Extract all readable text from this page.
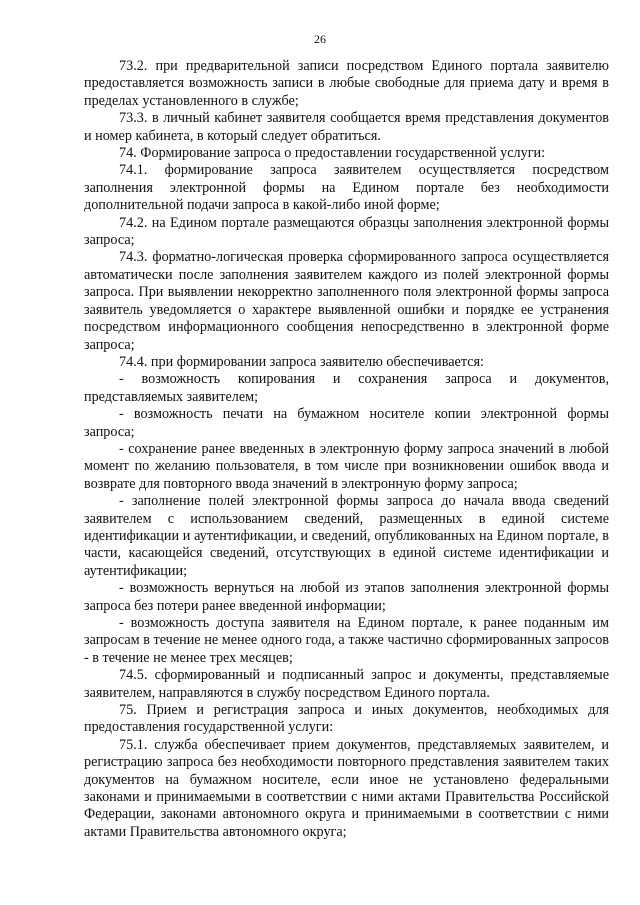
26

73.2. при предварительной записи посредством Единого портала заявителю предоставляется возможность записи в любые свободные для приема дату и время в пределах установленного в службе;

73.3. в личный кабинет заявителя сообщается время представления документов и номер кабинета, в который следует обратиться.

74. Формирование запроса о предоставлении государственной услуги:

74.1. формирование запроса заявителем осуществляется посредством заполнения электронной формы на Едином портале без необходимости дополнительной подачи запроса в какой-либо иной форме;

74.2. на Едином портале размещаются образцы заполнения электронной формы запроса;

74.3. форматно-логическая проверка сформированного запроса осуществляется автоматически после заполнения заявителем каждого из полей электронной формы запроса. При выявлении некорректно заполненного поля электронной формы запроса заявитель уведомляется о характере выявленной ошибки и порядке ее устранения посредством информационного сообщения непосредственно в электронной форме запроса;

74.4. при формировании запроса заявителю обеспечивается:

- возможность копирования и сохранения запроса и документов, представляемых заявителем;

- возможность печати на бумажном носителе копии электронной формы запроса;

- сохранение ранее введенных в электронную форму запроса значений в любой момент по желанию пользователя, в том числе при возникновении ошибок ввода и возврате для повторного ввода значений в электронную форму запроса;

- заполнение полей электронной формы запроса до начала ввода сведений заявителем с использованием сведений, размещенных в единой системе идентификации и аутентификации, и сведений, опубликованных на Едином портале, в части, касающейся сведений, отсутствующих в единой системе идентификации и аутентификации;

- возможность вернуться на любой из этапов заполнения электронной формы запроса без потери ранее введенной информации;

- возможность доступа заявителя на Едином портале, к ранее поданным им запросам в течение не менее одного года, а также частично сформированных запросов - в течение не менее трех месяцев;

74.5. сформированный и подписанный запрос и документы, представляемые заявителем, направляются в службу посредством Единого портала.

75. Прием и регистрация запроса и иных документов, необходимых для предоставления государственной услуги:

75.1. служба обеспечивает прием документов, представляемых заявителем, и регистрацию запроса без необходимости повторного представления заявителем таких документов на бумажном носителе, если иное не установлено федеральными законами и принимаемыми в соответствии с ними актами Правительства Российской Федерации, законами автономного округа и принимаемыми в соответствии с ними актами Правительства автономного округа;
